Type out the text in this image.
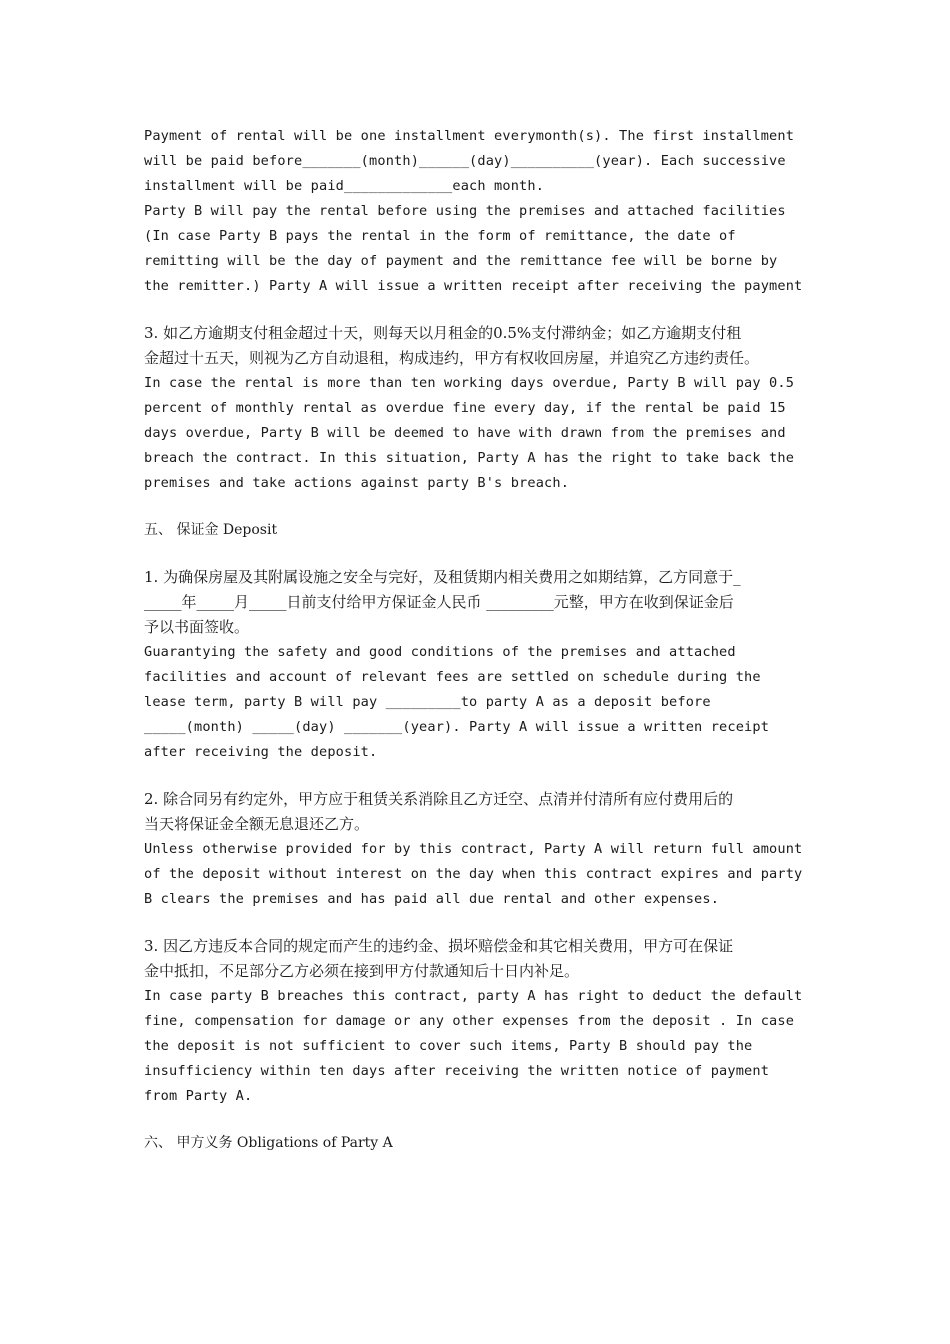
Payment of rental will be one installment everymonth(s). The first installment
will be paid before_______(month)______(day)__________(year). Each successive
installment will be paid_____________each month.
Party B will pay the rental before using the premises and attached facilities
(In case Party B pays the rental in the form of remittance, the date of
remitting will be the day of payment and the remittance fee will be borne by
the remitter.) Party A will issue a written receipt after receiving the payment
3. 如乙方逾期支付租金超过十天，则每天以月租金的0.5%支付滞纳金；如乙方逾期支付租
金超过十五天，则视为乙方自动退租，构成违约，甲方有权收回房屋，并追究乙方违约责任。
In case the rental is more than ten working days overdue, Party B will pay 0.5
percent of monthly rental as overdue fine every day, if the rental be paid 15
days overdue, Party B will be deemed to have with drawn from the premises and
breach the contract. In this situation, Party A has the right to take back the
premises and take actions against party B's breach.
五、 保证金 Deposit
1. 为确保房屋及其附属设施之安全与完好，及租赁期内相关费用之如期结算，乙方同意于_
_____年_____月_____日前支付给甲方保证金人民币 _________元整，甲方在收到保证金后
予以书面签收。
Guarantying the safety and good conditions of the premises and attached
facilities and account of relevant fees are settled on schedule during the
lease term, party B will pay _________to party A as a deposit before
_____(month) _____(day) _______(year). Party A will issue a written receipt
after receiving the deposit.
2. 除合同另有约定外，甲方应于租赁关系消除且乙方迁空、点清并付清所有应付费用后的
当天将保证金全额无息退还乙方。
Unless otherwise provided for by this contract, Party A will return full amount
of the deposit without interest on the day when this contract expires and party
B clears the premises and has paid all due rental and other expenses.
3. 因乙方违反本合同的规定而产生的违约金、损坏赔偿金和其它相关费用，甲方可在保证
金中抵扣，不足部分乙方必须在接到甲方付款通知后十日内补足。
In case party B breaches this contract, party A has right to deduct the default
fine, compensation for damage or any other expenses from the deposit . In case
the deposit is not sufficient to cover such items, Party B should pay the
insufficiency within ten days after receiving the written notice of payment
from Party A.
六、 甲方义务 Obligations of Party A
